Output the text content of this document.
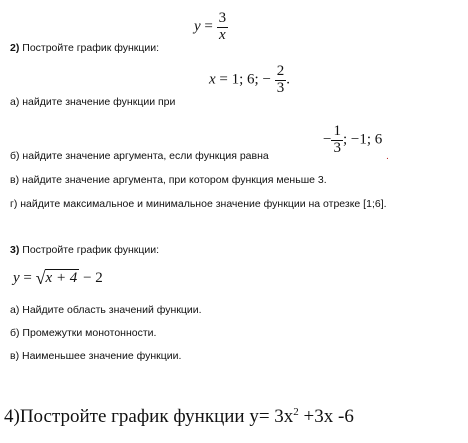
$y = \frac{3}{x}$
2) Постройте график функции:
x = 1; 6; − $\frac{2}{3}$ .
а) найдите значение функции при
− $\frac{1}{3}$ ; −1; 6
.
б) найдите значение аргумента, если функция равна
в) найдите значение аргумента, при котором функция меньше 3.
г) найдите максимальное и минимальное значение функции на отрезке [1;6].
3) Постройте график функции:
y = √x + 4 − 2
а) Найдите область значений функции.
б) Промежутки монотонности.
в) Наименьшее значение функции.
4)Постройте график функции $y= 3x^2 +3x$ -6
